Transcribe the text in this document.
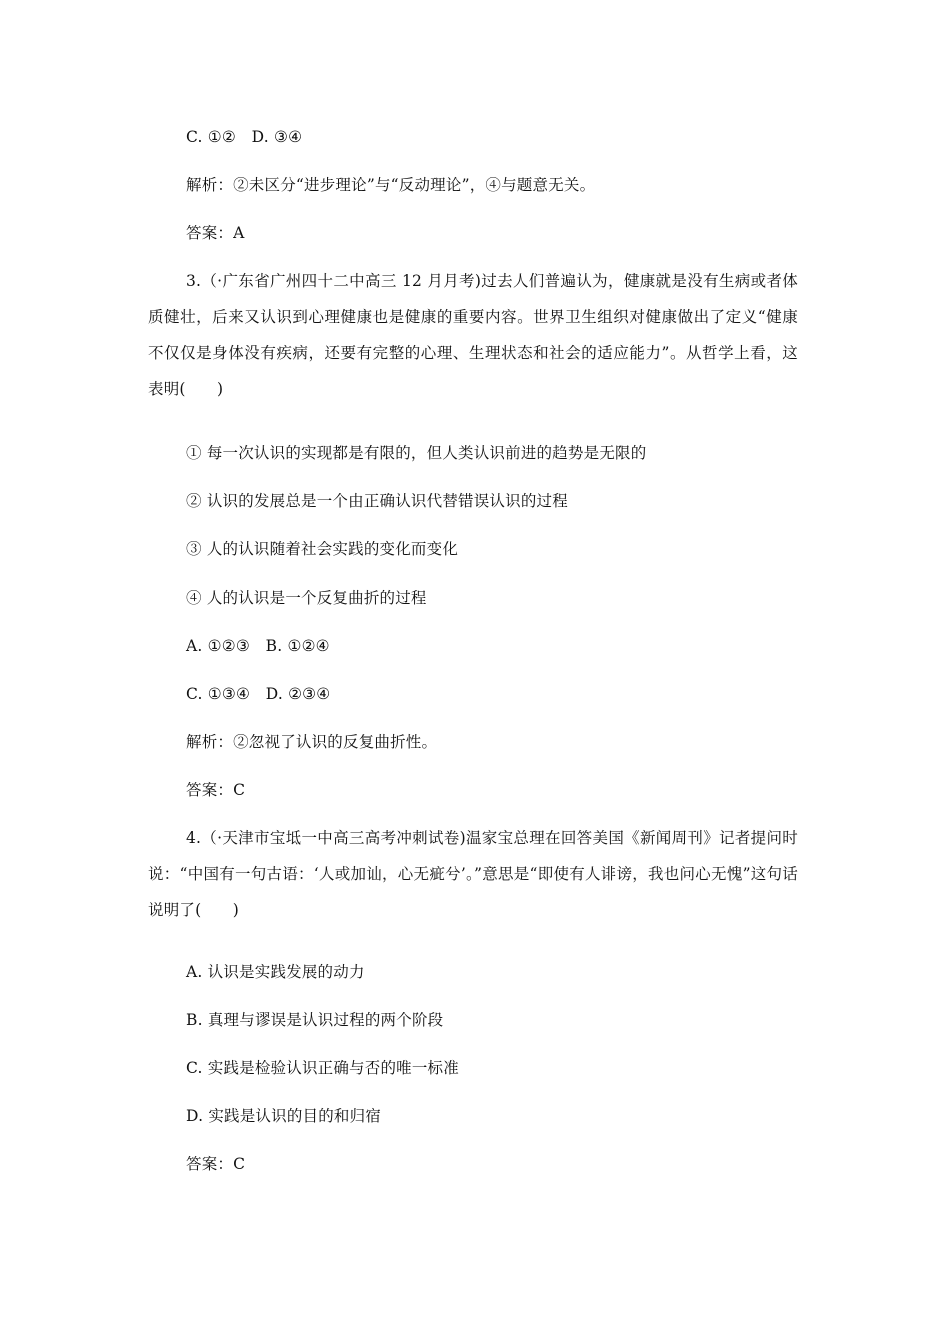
C. ①②　D. ③④
解析：②未区分“进步理论”与“反动理论”，④与题意无关。
答案：A
3.（·广东省广州四十二中高三 12 月月考)过去人们普遍认为，健康就是没有生病或者体质健壮，后来又认识到心理健康也是健康的重要内容。世界卫生组织对健康做出了定义“健康不仅仅是身体没有疾病，还要有完整的心理、生理状态和社会的适应能力”。从哲学上看，这表明(　　)
① 每一次认识的实现都是有限的，但人类认识前进的趋势是无限的
② 认识的发展总是一个由正确认识代替错误认识的过程
③ 人的认识随着社会实践的变化而变化
④ 人的认识是一个反复曲折的过程
A. ①②③　B. ①②④
C. ①③④　D. ②③④
解析：②忽视了认识的反复曲折性。
答案：C
4.（·天津市宝坻一中高三高考冲刺试卷)温家宝总理在回答美国《新闻周刊》记者提问时说：“中国有一句古语：‘人或加讪，心无疵兮’。”意思是“即使有人诽谤，我也问心无愧”这句话说明了(　　)
A. 认识是实践发展的动力
B. 真理与谬误是认识过程的两个阶段
C. 实践是检验认识正确与否的唯一标准
D. 实践是认识的目的和归宿
答案：C
